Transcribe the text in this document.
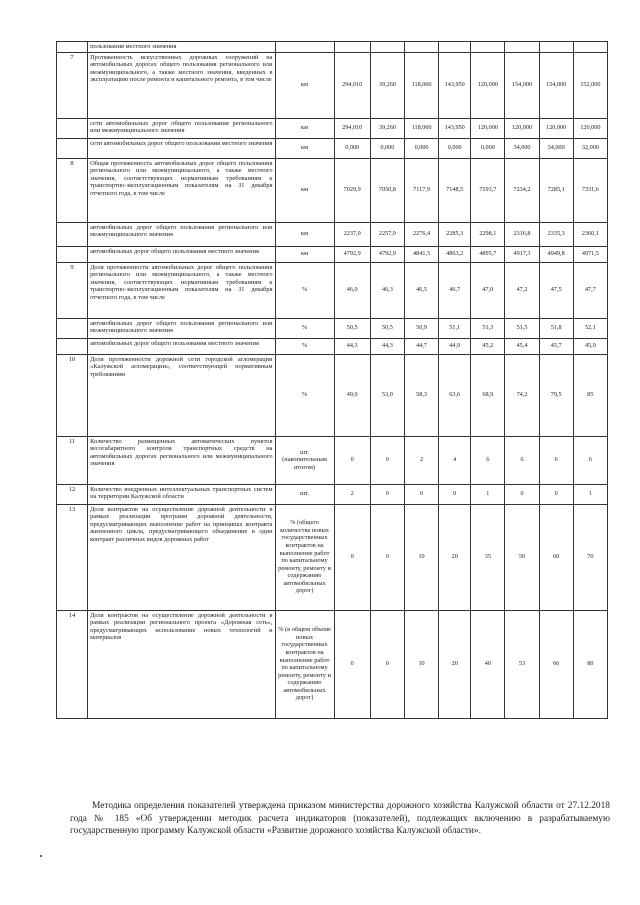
	пользования местного значения									
7	Протяженность искусственных дорожных сооружений на автомобильных дорогах общего пользования регионального или межмуниципального, а также местного значения, введенных в эксплуатацию после ремонта и капитального ремонта, в том числе	км	294,010	39,260	118,060	143,950	120,000	154,000	154,000	152,000
	сети автомобильных дорог общего пользования регионального или межмуниципального значения	км	294,010	39,260	118,060	143,950	120,000	120,000	120,000	120,000
	сети автомобильных дорог общего пользования местного значения	км	0,000	0,000	0,000	0,000	0,000	34,000	34,000	32,000
8	Общая протяженность автомобильных дорог общего пользования регионального или межмуниципального, а также местного значения, соответствующих нормативным требованиям к транспортно-эксплуатационным показателям на 31 декабря отчетного года, в том числе	км	7029,9	7050,8	7117,9	7148,5	7193,7	7234,2	7285,1	7331,6
	автомобильных дорог общего пользования регионального или межмуниципального значения	км	2237,0	2257,9	2276,4	2285,3	2298,1	2316,8	2335,3	2360,1
	автомобильных дорог общего пользования местного значения	км	4792,9	4792,9	4841,5	4863,2	4895,7	4917,3	4949,8	4971,5
9	Доля протяженности автомобильных дорог общего пользования регионального или межмуниципального, а также местного значения, соответствующих нормативным требованиям к транспортно-эксплуатационным показателям на 31 декабря отчетного года, в том числе	%	46,0	46,3	46,5	46,7	47,0	47,2	47,5	47,7
	автомобильных дорог общего пользования регионального или межмуниципального значения	%	50,5	50,5	50,9	51,1	51,3	51,5	51,8	52,1
	автомобильных дорог общего пользования местного значения	%	44,3	44,3	44,7	44,9	45,2	45,4	45,7	45,9
10	Доля протяженности дорожной сети городской агломерации «Калужской агломерации», соответствующей нормативным требованиям	%	49,0	53,0	58,3	63,6	68,9	74,2	79,5	85
11	Количество размещенных автоматических пунктов весогабаритного контроля транспортных средств на автомобильных дорогах регионального или межмуниципального значения	шт. (накопительным итогом)	0	0	2	4	6	6	6	6
12	Количество внедренных интеллектуальных транспортных систем на территории Калужской области	шт.	2	0	0	0	1	0	0	1
13	Доля контрактов на осуществление дорожной деятельности в рамках реализации программ дорожной деятельности, предусматривающих выполнение работ на принципах контракта жизненного цикла, предусматривающего объединение в один контракт различных видов дорожных работ	% (общего количества новых государственных контрактов на выполнение работ по капитальному ремонту, ремонту и содержанию автомобильных дорог)	0	0	10	20	35	50	60	70
14	Доля контрактов на осуществление дорожной деятельности в рамках реализации регионального проекта «Дорожная сеть», предусматривающих использование новых технологий и материалов	% (в общем объеме новых государственных контрактов на выполнение работ по капитальному ремонту, ремонту и содержанию автомобильных дорог)	0	0	10	20	40	53	66	80
Методика определения показателей утверждена приказом министерства дорожного хозяйства Калужской области от 27.12.2018 года № 185 «Об утверждении методик расчета индикаторов (показателей), подлежащих включению в разрабатываемую государственную программу Калужской области «Развитие дорожного хозяйства Калужской области».
